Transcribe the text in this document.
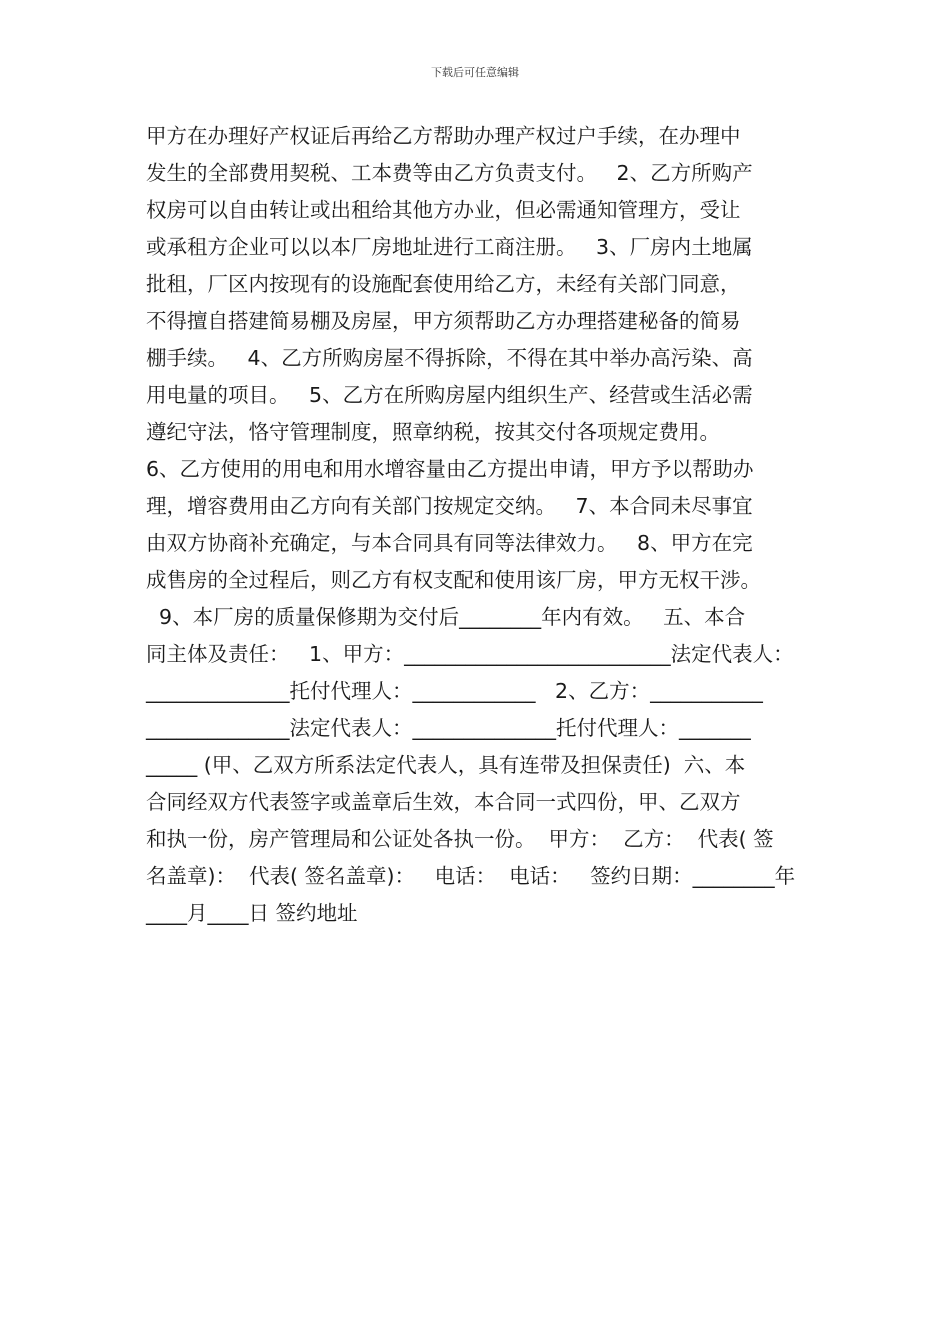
下载后可任意编辑
甲方在办理好产权证后再给乙方帮助办理产权过户手续，在办理中
发生的全部费用契税、工本费等由乙方负责支付。   2、乙方所购产
权房可以自由转让或出租给其他方办业，但必需通知管理方，受让
或承租方企业可以以本厂房地址进行工商注册。   3、厂房内土地属
批租，厂区内按现有的设施配套使用给乙方，未经有关部门同意，
不得擅自搭建简易棚及房屋，甲方须帮助乙方办理搭建秘备的简易
棚手续。   4、乙方所购房屋不得拆除，不得在其中举办高污染、高
用电量的项目。   5、乙方在所购房屋内组织生产、经营或生活必需
遵纪守法，恪守管理制度，照章纳税，按其交付各项规定费用。
6、乙方使用的用电和用水增容量由乙方提出申请，甲方予以帮助办
理，增容费用由乙方向有关部门按规定交纳。   7、本合同未尽事宜
由双方协商补充确定，与本合同具有同等法律效力。   8、甲方在完
成售房的全过程后，则乙方有权支配和使用该厂房，甲方无权干涉。
9、本厂房的质量保修期为交付后________年内有效。   五、本合
同主体及责任：   1、甲方：__________________________法定代表人：
______________托付代理人：____________   2、乙方：___________
______________法定代表人：______________托付代理人：_______
_____ (甲、乙双方所系法定代表人，具有连带及担保责任)  六、本
合同经双方代表签字或盖章后生效，本合同一式四份，甲、乙双方
和执一份，房产管理局和公证处各执一份。  甲方：  乙方：  代表( 签
名盖章)：  代表( 签名盖章)：   电话：  电话：   签约日期：________年
____月____日 签约地址
